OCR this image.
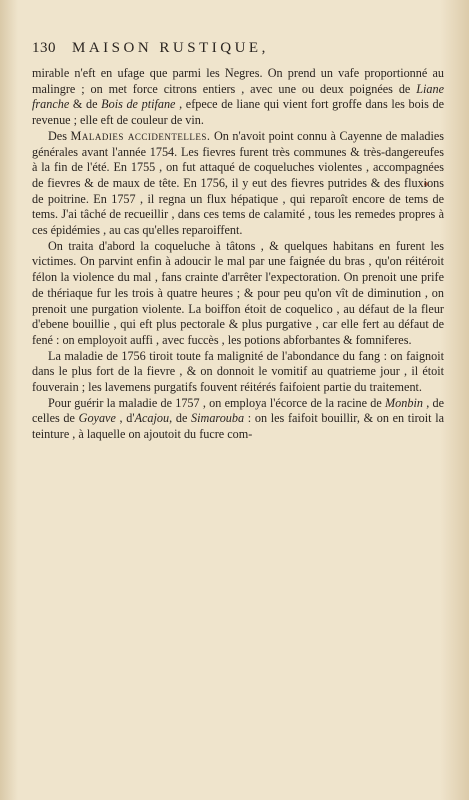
130 MAISON RUSTIQUE,

mirable n'eft en ufage que parmi les Negres. On prend un vafe proportionné au malingre ; on met force citrons entiers , avec une ou deux poignées de Liane franche & de Bois de ptifane , efpece de liane qui vient fort groffe dans les bois de revenue ; elle eft de couleur de vin.

Des Maladies accidentelles. On n'avoit point connu à Cayenne de maladies générales avant l'année 1754. Les fievres furent très communes & très-dangereufes à la fin de l'été. En 1755 , on fut attaqué de coqueluches violentes , accompagnées de fievres & de maux de tête. En 1756, il y eut des fievres putrides & des fluxions de poitrine. En 1757 , il regna un flux hépatique , qui reparoît encore de tems de tems. J'ai tâché de recueillir , dans ces tems de calamité , tous les remedes propres à ces épidémies , au cas qu'elles reparoiffent.

On traita d'abord la coqueluche à tâtons , & quelques habitans en furent les victimes. On parvint enfin à adoucir le mal par une faignée du bras , qu'on réitéroit félon la violence du mal , fans crainte d'arrêter l'expectoration. On prenoit une prife de thériaque fur les trois à quatre heures ; & pour peu qu'on vît de diminution , on prenoit une purgation violente. La boiffon étoit de coquelico , au défaut de la fleur d'ebene bouillie , qui eft plus pectorale & plus purgative , car elle fert au défaut de fené : on employoit auffi , avec fuccès , les potions abforbantes & fomniferes.

La maladie de 1756 tiroit toute fa malignité de l'abondance du fang : on faignoit dans le plus fort de la fievre , & on donnoit le vomitif au quatrieme jour , il étoit fouverain ; les lavemens purgatifs fouvent réitérés faifoient partie du traitement.

Pour guérir la maladie de 1757 , on employa l'écorce de la racine de Monbin , de celles de Goyave , d'Acajou, de Simarouba : on les faifoit bouillir, & on en tiroit la teinture , à laquelle on ajoutoit du fucre com-
